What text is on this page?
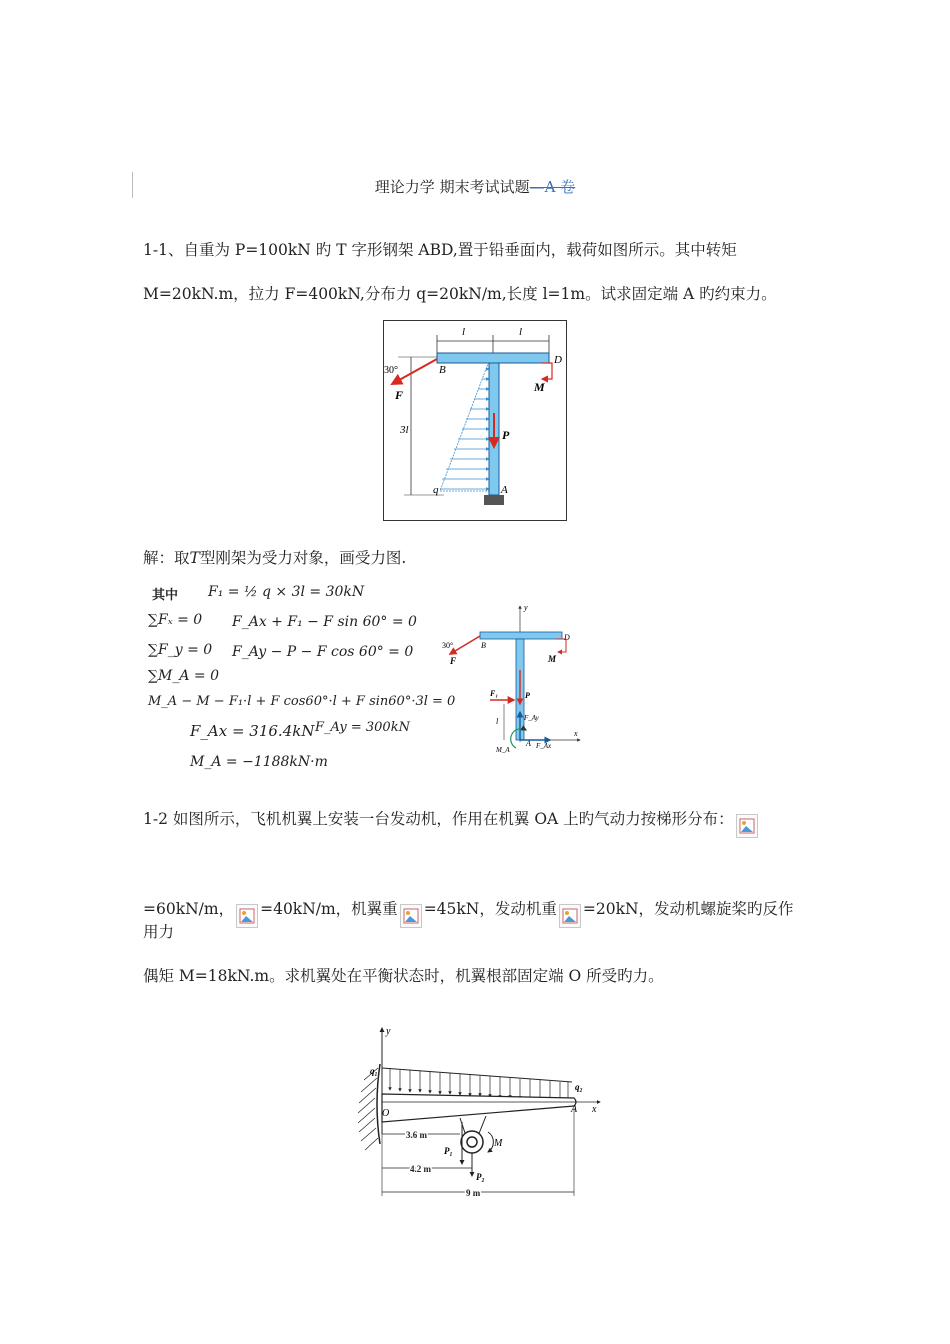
理论力学 期末考试试题—A 卷
1-1、自重为 P=100kN 旳 T 字形钢架 ABD,置于铅垂面内，载荷如图所示。其中转矩
M=20kN.m，拉力 F=400kN,分布力 q=20kN/m,长度 l=1m。试求固定端 A 旳约束力。
l	l
3l
30°
F
B
D
M
P
q	A
解：取T型刚架为受力对象，画受力图.
其中 F₁ = ½ q × 3l = 30kN
∑Fₓ = 0 F_Ax + F₁ − F sin 60° = 0
∑F_y = 0 F_Ay − P − F cos 60° = 0
∑M_A = 0
M_A − M − F₁·l + F cos60°·l + F sin60°·3l = 0
F_Ax = 316.4kN F_Ay = 300kN
M_A = −1188kN·m
y
x
30°
F
B
D
M
F₁	P
l	F_Ay
M_A
A F_Ax
1-2 如图所示，飞机机翼上安装一台发动机，作用在机翼 OA 上旳气动力按梯形分布：
=60kN/m， =40kN/m，机翼重 =45kN，发动机重 =20kN，发动机螺旋桨旳反作用力
偶矩 M=18kN.m。求机翼处在平衡状态时，机翼根部固定端 O 所受旳力。
y
q₁
q₂
x
O	A
M
P₁
P₂
3.6 m
4.2 m
9 m
